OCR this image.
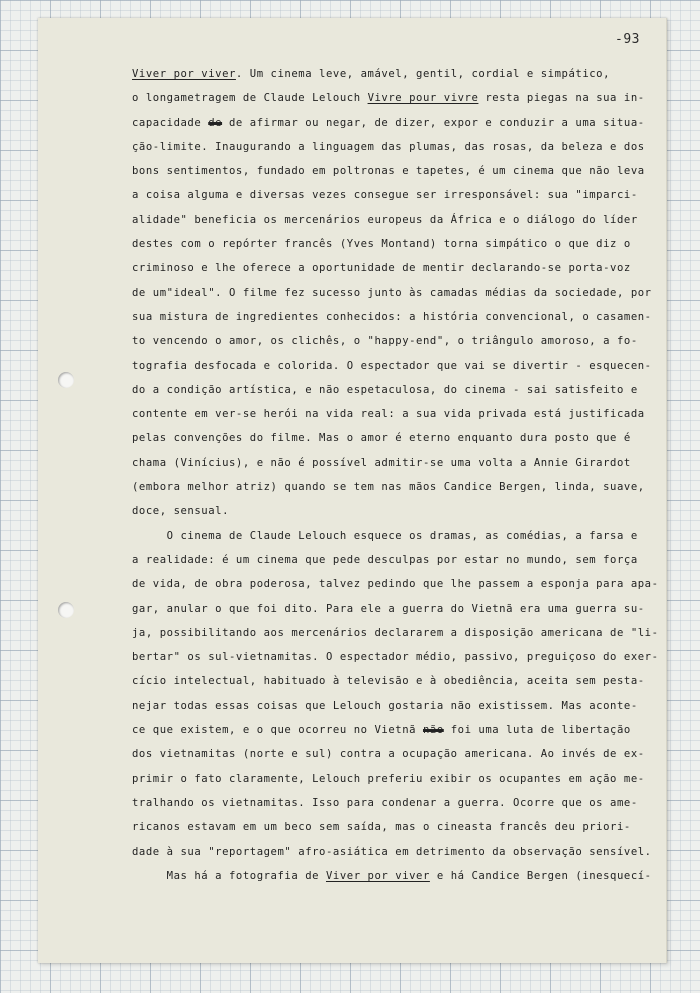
-93
Viver por viver. Um cinema leve, amável, gentil, cordial e simpático,
o longametragem de Claude Lelouch Vivre pour vivre resta piegas na sua in-
capacidade de de afirmar ou negar, de dizer, expor e conduzir a uma situa-
ção-limite. Inaugurando a linguagem das plumas, das rosas, da beleza e dos
bons sentimentos, fundado em poltronas e tapetes, é um cinema que não leva
a coisa alguma e diversas vezes consegue ser irresponsável: sua "imparci-
alidade" beneficia os mercenários europeus da África e o diálogo do líder
destes com o repórter francês (Yves Montand) torna simpático o que diz o
criminoso e lhe oferece a oportunidade de mentir declarando-se porta-voz
de um"ideal". O filme fez sucesso junto às camadas médias da sociedade, por
sua mistura de ingredientes conhecidos: a história convencional, o casamen-
to vencendo o amor, os clichês, o "happy-end", o triângulo amoroso, a fo-
tografia desfocada e colorida. O espectador que vai se divertir - esquecen-
do a condição artística, e não espetaculosa, do cinema - sai satisfeito e
contente em ver-se herói na vida real: a sua vida privada está justificada
pelas convenções do filme. Mas o amor é eterno enquanto dura posto que é
chama (Vinícius), e não é possível admitir-se uma volta a Annie Girardot
(embora melhor atriz) quando se tem nas mãos Candice Bergen, linda, suave,
doce, sensual.
O cinema de Claude Lelouch esquece os dramas, as comédias, a farsa e
a realidade: é um cinema que pede desculpas por estar no mundo, sem força
de vida, de obra poderosa, talvez pedindo que lhe passem a esponja para apa-
gar, anular o que foi dito. Para ele a guerra do Vietnã era uma guerra su-
ja, possibilitando aos mercenários declararem a disposição americana de "li-
bertar" os sul-vietnamitas. O espectador médio, passivo, preguiçoso do exer-
cício intelectual, habituado à televisão e à obediência, aceita sem pesta-
nejar todas essas coisas que Lelouch gostaria não existissem. Mas aconte-
ce que existem, e o que ocorreu no Vietnã não foi uma luta de libertação
dos vietnamitas (norte e sul) contra a ocupação americana. Ao invés de ex-
primir o fato claramente, Lelouch preferiu exibir os ocupantes em ação me-
tralhando os vietnamitas. Isso para condenar a guerra. Ocorre que os ame-
ricanos estavam em um beco sem saída, mas o cineasta francês deu priori-
dade à sua "reportagem" afro-asiática em detrimento da observação sensível.
Mas há a fotografia de Viver por viver e há Candice Bergen (inesquecí-
